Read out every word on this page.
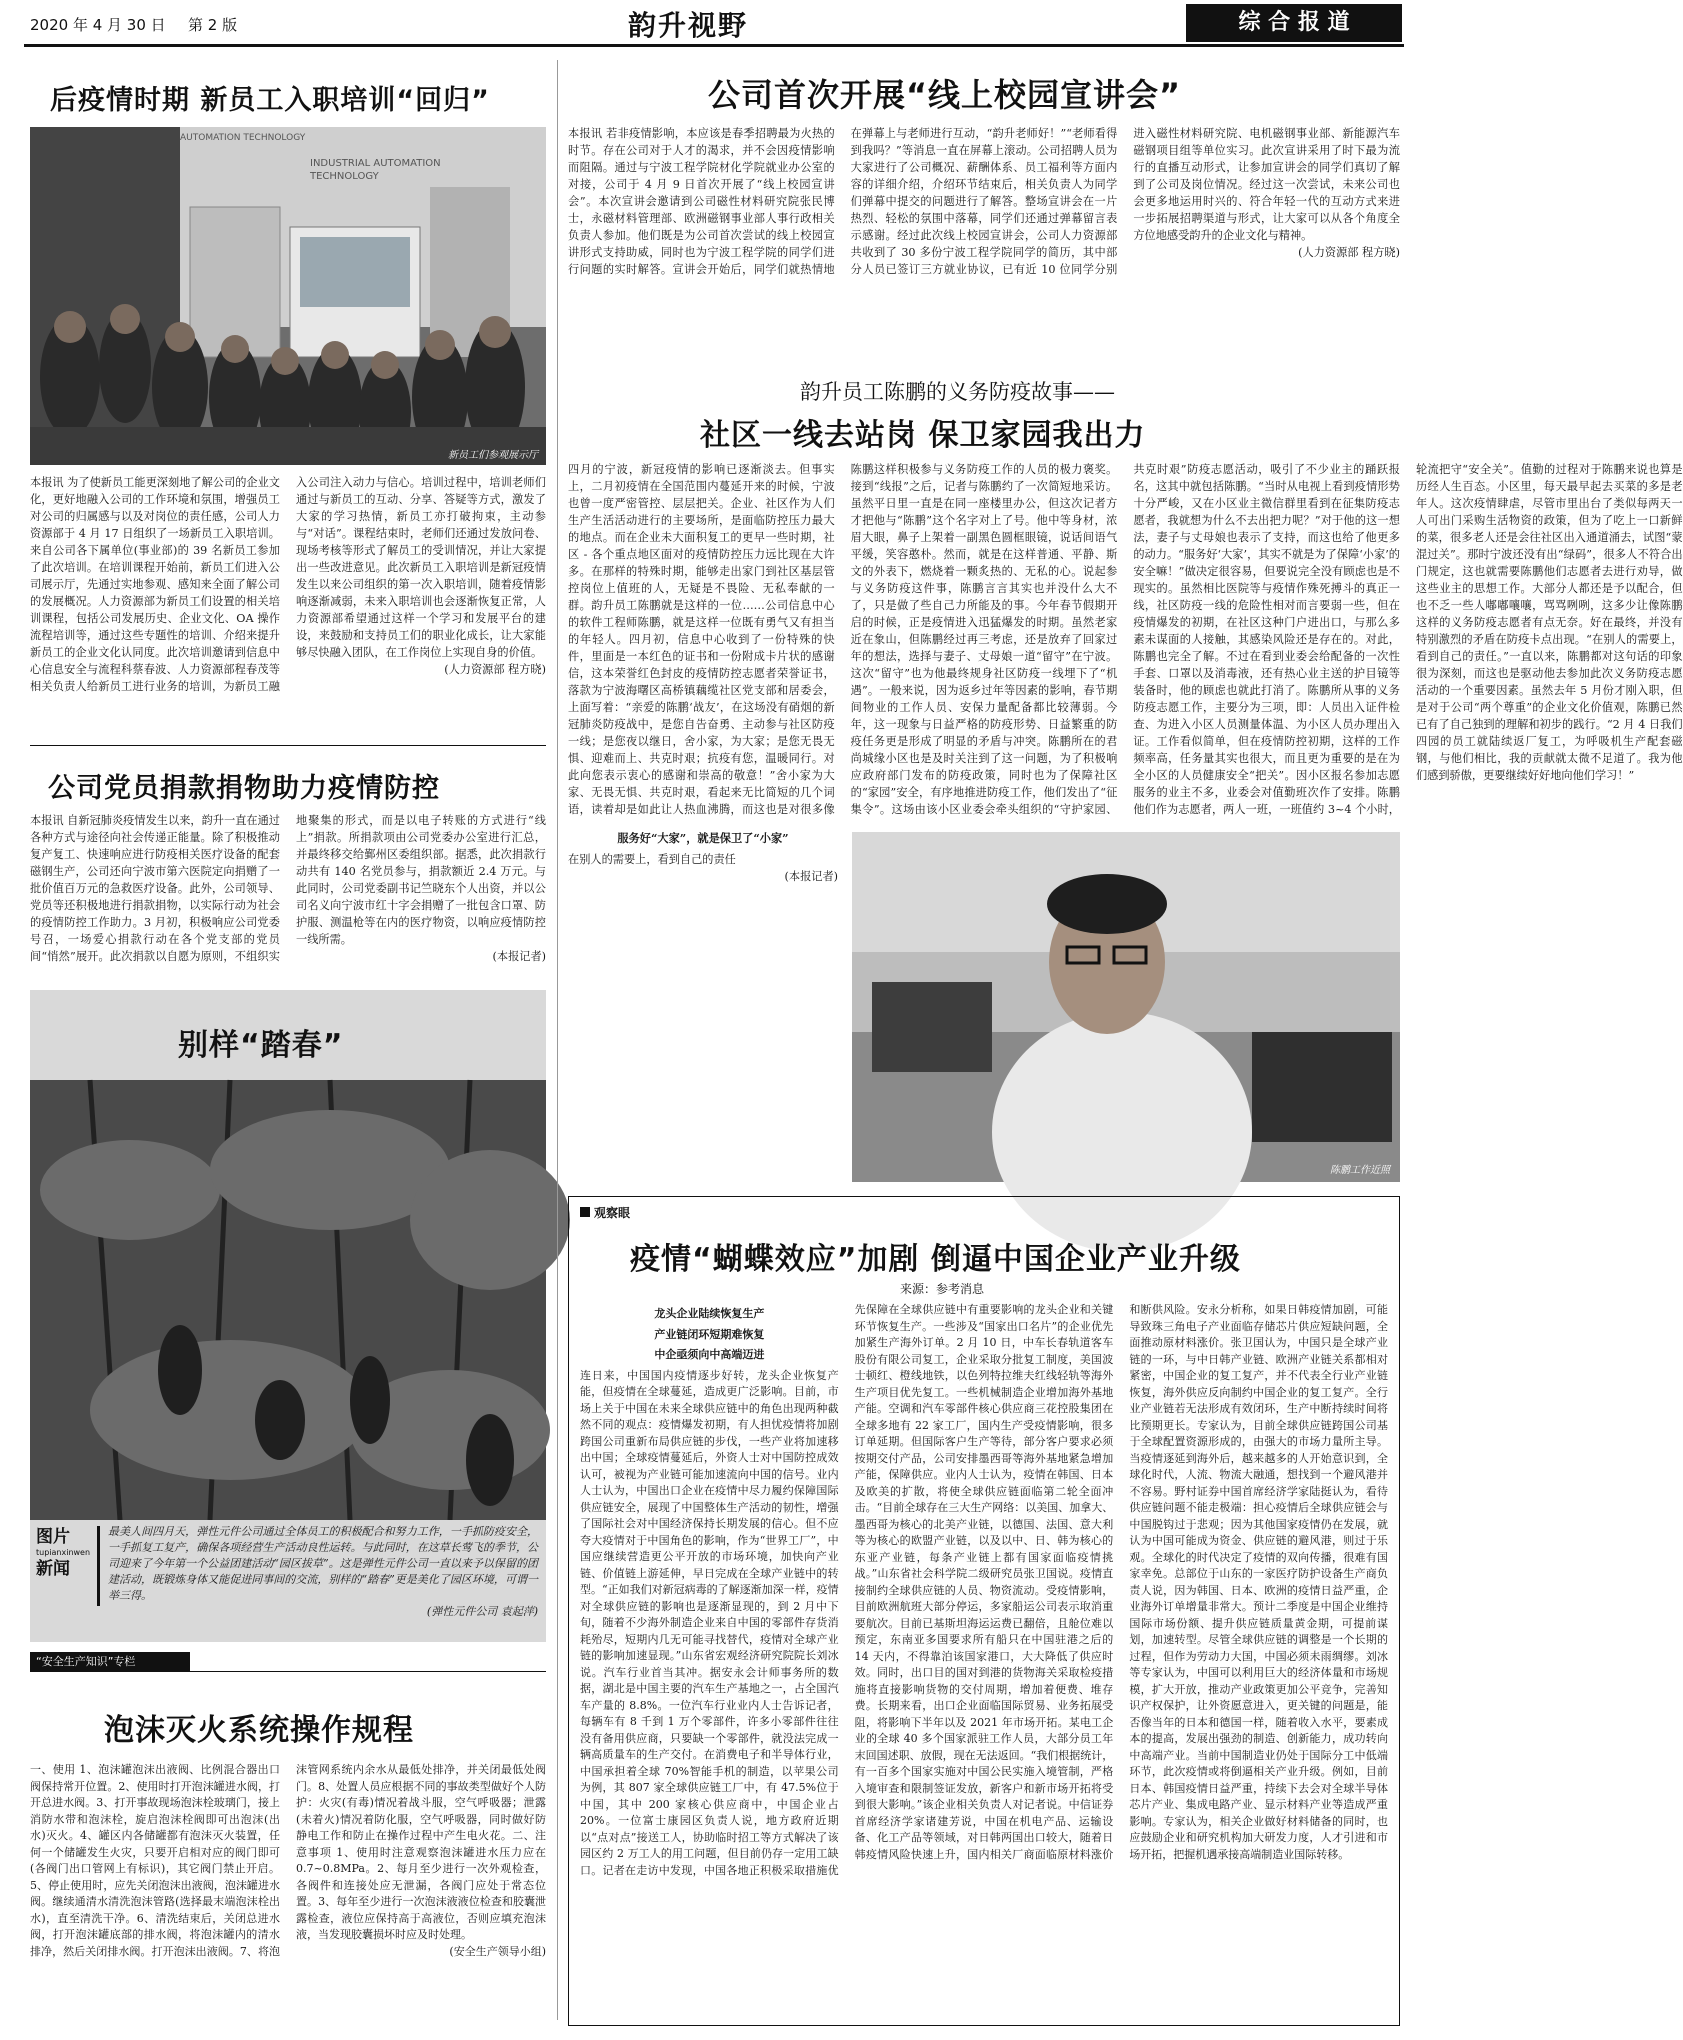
2020 年 4 月 30 日 第 2 版	韵升视野	综 合 报 道
后疫情时期 新员工入职培训“回归”
AUTOMATION TECHNOLOGY
INDUSTRIAL AUTOMATION TECHNOLOGY
新员工们参观展示厅
本报讯 为了使新员工能更深刻地了解公司的企业文化，更好地融入公司的工作环境和氛围，增强员工对公司的归属感与以及对岗位的责任感，公司人力资源部于 4 月 17 日组织了一场新员工入职培训。来自公司各下属单位(事业部)的 39 名新员工参加了此次培训。在培训课程开始前，新员工们进入公司展示厅，先通过实地参观、感知来全面了解公司的发展概况。人力资源部为新员工们设置的相关培训课程，包括公司发展历史、企业文化、OA 操作流程培训等，通过这些专题性的培训、介绍来提升新员工的企业文化认同度。此次培训邀请到信息中心信息安全与流程科蔡春波、人力资源部程春茂等相关负责人给新员工进行业务的培训，为新员工融入公司注入动力与信心。培训过程中，培训老师们通过与新员工的互动、分享、答疑等方式，激发了大家的学习热情，新员工亦打破拘束，主动参与“对话”。课程结束时，老师们还通过发放问卷、现场考核等形式了解员工的受训情况，并让大家提出一些改进意见。此次新员工入职培训是新冠疫情发生以来公司组织的第一次入职培训，随着疫情影响逐渐减弱，未来入职培训也会逐渐恢复正常，人力资源部希望通过这样一个学习和发展平台的建设，来鼓励和支持员工们的职业化成长，让大家能够尽快融入团队，在工作岗位上实现自身的价值。
(人力资源部 程方晓)
公司党员捐款捐物助力疫情防控
本报讯 自新冠肺炎疫情发生以来，韵升一直在通过各种方式与途径向社会传递正能量。除了积极推动复产复工、快速响应进行防疫相关医疗设备的配套磁钢生产，公司还向宁波市第六医院定向捐赠了一批价值百万元的急救医疗设备。此外，公司领导、党员等还积极地进行捐款捐物，以实际行动为社会的疫情防控工作助力。3 月初，积极响应公司党委号召，一场爱心捐款行动在各个党支部的党员间“悄然”展开。此次捐款以自愿为原则，不组织实地聚集的形式，而是以电子转账的方式进行“线上”捐款。所捐款项由公司党委办公室进行汇总，并最终移交给鄞州区委组织部。据悉，此次捐款行动共有 140 名党员参与，捐款额近 2.4 万元。与此同时，公司党委副书记竺晓东个人出资，并以公司名义向宁波市红十字会捐赠了一批包含口罩、防护服、测温枪等在内的医疗物资，以响应疫情防控一线所需。
(本报记者)
别样“踏春”
图片
tupianxinwen
新闻
最美人间四月天，弹性元件公司通过全体员工的积极配合和努力工作，一手抓防疫安全，一手抓复工复产，确保各项经营生产活动良性运转。与此同时，在这草长莺飞的季节，公司迎来了今年第一个公益团建活动“园区拔草”。这是弹性元件公司一直以来予以保留的团建活动，既锻炼身体又能促进同事间的交流，别样的“踏春”更是美化了园区环境，可谓一举三得。
(弹性元件公司 袁起萍)
“安全生产知识”专栏
泡沫灭火系统操作规程
一、使用 1、泡沫罐泡沫出液阀、比例混合器出口阀保持常开位置。2、使用时打开泡沫罐进水阀，打开总进水阀。3、打开事故现场泡沫栓玻璃门，接上消防水带和泡沫栓，旋启泡沫栓阀即可出泡沫(出水)灭火。4、罐区内各储罐都有泡沫灭火装置，任何一个储罐发生火灾，只要开启相对应的阀门即可(各阀门出口管网上有标识)，其它阀门禁止开启。5、停止使用时，应先关闭泡沫出液阀，泡沫罐进水阀。继续通清水清洗泡沫管路(选择最末端泡沫栓出水)，直至清洗干净。6、清洗结束后，关闭总进水阀，打开泡沫罐底部的排水阀，将泡沫罐内的清水排净，然后关闭排水阀。打开泡沫出液阀。7、将泡沫管网系统内余水从最低处排净，并关闭最低处阀门。8、处置人员应根据不同的事故类型做好个人防护：火灾(有毒)情况着战斗服，空气呼吸器；泄露(未着火)情况着防化服，空气呼吸器，同时做好防静电工作和防止在操作过程中产生电火花。二、注意事项 1、使用时注意观察泡沫罐进水压力应在 0.7~0.8MPa。2、每月至少进行一次外观检查，各阀件和连接处应无泄漏，各阀门应处于常态位置。3、每年至少进行一次泡沫液液位检查和胶囊泄露检查，液位应保持高于高液位，否则应填充泡沫液，当发现胶囊损坏时应及时处理。
(安全生产领导小组)
公司首次开展“线上校园宣讲会”
本报讯 若非疫情影响，本应该是春季招聘最为火热的时节。存在公司对于人才的渴求，并不会因疫情影响而阻隔。通过与宁波工程学院材化学院就业办公室的对接，公司于 4 月 9 日首次开展了“线上校园宣讲会”。本次宣讲会邀请到公司磁性材料研究院张民博士，永磁材料管理部、欧洲磁钢事业部人事行政相关负责人参加。他们既是为公司首次尝试的线上校园宣讲形式支持助威，同时也为宁波工程学院的同学们进行问题的实时解答。宣讲会开始后，同学们就热情地在弹幕上与老师进行互动，“韵升老师好！”“老师看得到我吗？”等消息一直在屏幕上滚动。公司招聘人员为大家进行了公司概况、薪酬体系、员工福利等方面内容的详细介绍，介绍环节结束后，相关负责人为同学们弹幕中提交的问题进行了解答。整场宣讲会在一片热烈、轻松的氛围中落幕，同学们还通过弹幕留言表示感谢。经过此次线上校园宣讲会，公司人力资源部共收到了 30 多份宁波工程学院同学的简历，其中部分人员已签订三方就业协议，已有近 10 位同学分别进入磁性材料研究院、电机磁钢事业部、新能源汽车磁钢项目组等单位实习。此次宣讲采用了时下最为流行的直播互动形式，让参加宣讲会的同学们真切了解到了公司及岗位情况。经过这一次尝试，未来公司也会更多地运用时兴的、符合年轻一代的互动方式来进一步拓展招聘渠道与形式，让大家可以从各个角度全方位地感受韵升的企业文化与精神。
(人力资源部 程方晓)
韵升员工陈鹏的义务防疫故事——
社区一线去站岗 保卫家园我出力
四月的宁波，新冠疫情的影响已逐渐淡去。但事实上，二月初疫情在全国范围内蔓延开来的时候，宁波也曾一度严密管控、层层把关。企业、社区作为人们生产生活活动进行的主要场所，是面临防控压力最大的地点。而在企业未大面积复工的更早一些时期，社区 - 各个重点地区面对的疫情防控压力远比现在大许多。在那样的特殊时期，能够走出家门到社区基层管控岗位上值班的人，无疑是不畏险、无私奉献的一群。韵升员工陈鹏就是这样的一位……公司信息中心的软件工程师陈鹏，就是这样一位既有勇气又有担当的年轻人。四月初，信息中心收到了一份特殊的快件，里面是一本红色的证书和一份附成卡片状的感谢信，这本荣誉红色封皮的疫情防控志愿者荣誉证书，落款为宁波海曙区高桥镇藕缆社区党支部和居委会，上面写着：“亲爱的陈鹏‘战友’，在这场没有硝烟的新冠肺炎防疫战中，是您自告奋勇、主动参与社区防疫一线；是您夜以继日，舍小家，为大家；是您无畏无惧、迎难而上、共克时艰；抗疫有您，温暖同行。对此向您表示衷心的感谢和崇高的敬意！”舍小家为大家、无畏无惧、共克时艰，看起来无比简短的几个词语，读着却是如此让人热血沸腾，而这也是对很多像陈鹏这样积极参与义务防疫工作的人员的极力褒奖。接到“线报”之后，记者与陈鹏约了一次简短地采访。虽然平日里一直是在同一座楼里办公，但这次记者方才把他与“陈鹏”这个名字对上了号。他中等身材，浓眉大眼，鼻子上架着一副黑色圆框眼镜，说话间语气平缓，笑容憨朴。然而，就是在这样普通、平静、斯文的外表下，燃烧着一颗炙热的、无私的心。说起参与义务防疫这件事，陈鹏言言其实也并没什么大不了，只是做了些自己力所能及的事。今年春节假期开启的时候，正是疫情进入迅猛爆发的时期。虽然老家近在象山，但陈鹏经过再三考虑，还是放弃了回家过年的想法，选择与妻子、丈母娘一道“留守”在宁波。这次“留守”也为他最终规身社区防疫一线埋下了“机遇”。一般来说，因为返乡过年等因素的影响，春节期间物业的工作人员、安保力量配备都比较薄弱。今年，这一现象与日益严格的防疫形势、日益繁重的防疫任务更是形成了明显的矛盾与冲突。陈鹏所在的君尚城缘小区也是及时关注到了这一问题，为了积极响应政府部门发布的防疫政策，同时也为了保障社区的“家园”安全，有序地推进防疫工作，他们发出了“征集令”。这场由该小区业委会牵头组织的“守护家园、共克时艰”防疫志愿活动，吸引了不少业主的踊跃报名，这其中就包括陈鹏。“当时从电视上看到疫情形势十分严峻，又在小区业主微信群里看到在征集防疫志愿者，我就想为什么不去出把力呢？”对于他的这一想法，妻子与丈母娘也表示了支持，而这也给了他更多的动力。“服务好‘大家’，其实不就是为了保障‘小家’的安全嘛！”做决定很容易，但要说完全没有顾虑也是不现实的。虽然相比医院等与疫情作殊死搏斗的真正一线，社区防疫一线的危险性相对而言要弱一些，但在疫情爆发的初期，在社区这种门户进出口，与那么多素未谋面的人接触，其感染风险还是存在的。对此，陈鹏也完全了解。不过在看到业委会给配备的一次性手套、口罩以及消毒液，还有热心业主送的护目镜等装备时，他的顾虑也就此打消了。陈鹏所从事的义务防疫志愿工作，主要分为三项，即：人员出入证件检查、为进入小区人员测量体温、为小区人员办理出入证。工作看似简单，但在疫情防控初期，这样的工作频率高，任务量其实也很大，而且更为重要的是在为全小区的人员健康安全“把关”。因小区报名参加志愿服务的业主不多，业委会对值勤班次作了安排。陈鹏他们作为志愿者，两人一班，一班值约 3~4 个小时，轮流把守“安全关”。值勤的过程对于陈鹏来说也算是历经人生百态。小区里，每天最早起去买菜的多是老年人。这次疫情肆虐，尽管市里出台了类似每两天一人可出门采购生活物资的政策，但为了吃上一口新鲜的菜，很多老人还是会往社区出入通道涌去，试图“蒙混过关”。那时宁波还没有出“绿码”，很多人不符合出门规定，这也就需要陈鹏他们志愿者去进行劝导，做这些业主的思想工作。大部分人都还是予以配合，但也不乏一些人嘟嘟嚷嚷，骂骂咧咧，这多少让像陈鹏这样的义务防疫志愿者有点无奈。好在最终，并没有特别激烈的矛盾在防疫卡点出现。“在别人的需要上，看到自己的责任。”一直以来，陈鹏都对这句话的印象很为深刻，而这也是驱动他去参加此次义务防疫志愿活动的一个重要因素。虽然去年 5 月份才刚入职，但是对于公司“两个尊重”的企业文化价值观，陈鹏已然已有了自己独到的理解和初步的践行。“2 月 4 日我们四园的员工就陆续返厂复工，为呼吸机生产配套磁钢，与他们相比，我的贡献就太微不足道了。我为他们感到骄傲，更要继续好好地向他们学习！”
服务好“大家”，就是保卫了“小家”
在别人的需要上，看到自己的责任
(本报记者)
陈鹏工作近照
观察眼
疫情“蝴蝶效应”加剧 倒逼中国企业产业升级
来源：参考消息
龙头企业陆续恢复生产
产业链闭环短期难恢复
中企亟须向中高端迈进
连日来，中国国内疫情逐步好转，龙头企业恢复产能，但疫情在全球蔓延，造成更广泛影响。目前，市场上关于中国在未来全球供应链中的角色出现两种截然不同的观点：疫情爆发初期，有人担忧疫情将加剧跨国公司重新布局供应链的步伐，一些产业将加速移出中国；全球疫情蔓延后，外资人士对中国防控成效认可，被视为产业链可能加速流向中国的信号。业内人士认为，中国出口企业在疫情中尽力履约保障国际供应链安全，展现了中国整体生产活动的韧性，增强了国际社会对中国经济保持长期发展的信心。但不应夸大疫情对于中国角色的影响，作为“世界工厂”，中国应继续营造更公平开放的市场环境，加快向产业链、价值链上游延伸，早日完成在全球产业链中的转型。“正如我们对新冠病毒的了解逐渐加深一样，疫情对全球供应链的影响也是逐渐显现的，到 2 月中下旬，随着不少海外制造企业来自中国的零部件存货消耗殆尽，短期内几无可能寻找替代，疫情对全球产业链的影响加速显现。”山东省宏观经济研究院院长刘冰说。汽车行业首当其冲。据安永会计师事务所的数据，湖北是中国主要的汽车生产基地之一，占全国汽车产量的 8.8%。一位汽车行业业内人士告诉记者，每辆车有 8 千到 1 万个零部件，许多小零部件往往没有备用供应商，只要缺一个零部件，就没法完成一辆高质量车的生产交付。在消费电子和半导体行业，中国承担着全球 70%智能手机的制造，以苹果公司为例，其 807 家全球供应链工厂中，有 47.5%位于中国，其中 200 家核心供应商中，中国企业占 20%。一位富士康园区负责人说，地方政府近期以“点对点”接送工人，协助临时招工等方式解决了该园区约 2 万工人的用工问题，但目前仍存一定用工缺口。记者在走访中发现，中国各地正积极采取措施优先保障在全球供应链中有重要影响的龙头企业和关键环节恢复生产。一些涉及“国家出口名片”的企业优先加紧生产海外订单。2 月 10 日，中车长春轨道客车股份有限公司复工，企业采取分批复工制度，美国波士顿红、橙线地铁，以色列特拉维夫红线轻轨等海外生产项目优先复工。一些机械制造企业增加海外基地产能。空调和汽车零部件核心供应商三花控股集团在全球多地有 22 家工厂，国内生产受疫情影响，很多订单延期。但国际客户生产等待，部分客户要求必须按期交付产品，公司安排墨西哥等海外基地紧急增加产能，保障供应。业内人士认为，疫情在韩国、日本及欧美的扩散，将使全球供应链面临第二轮全面冲击。“目前全球存在三大生产网络：以美国、加拿大、墨西哥为核心的北美产业链，以德国、法国、意大利等为核心的欧盟产业链，以及以中、日、韩为核心的东亚产业链，每条产业链上都有国家面临疫情挑战。”山东省社会科学院二级研究员张卫国说。疫情直接制约全球供应链的人员、物资流动。受疫情影响，目前欧洲航班大部分停运，多家船运公司表示取消重要航次。目前已基斯坦海运运费已翻倍，且舱位难以预定，东南亚多国要求所有船只在中国驻港之后的 14 天内，不得靠泊该国家港口，大大降低了供应时效。同时，出口目的国对到港的货物海关采取检疫措施将直接影响货物的交付周期，增加着便费、堆存费。长期来看，出口企业面临国际贸易、业务拓展受阻，将影响下半年以及 2021 年市场开拓。某电工企业的全球 40 多个国家派驻工作人员，大部分员工年末回国述职、放假，现在无法返回。“我们根据统计，有一百多个国家实施对中国公民实施入境管制，严格入境审查和限制签证发放，新客户和新市场开拓将受到很大影响。”该企业相关负责人对记者说。中信证券首席经济学家诸建芳说，中国在机电产品、运输设备、化工产品等领域，对日韩两国出口较大，随着日韩疫情风险快速上升，国内相关厂商面临原材料涨价和断供风险。安永分析称，如果日韩疫情加剧，可能导致珠三角电子产业面临存储芯片供应短缺问题，全面推动原材料涨价。张卫国认为，中国只是全球产业链的一环，与中日韩产业链、欧洲产业链关系都相对紧密，中国企业的复工复产，并不代表全行业产业链恢复，海外供应反向制约中国企业的复工复产。全行业产业链若无法形成有效闭环，生产中断持续时间将比预期更长。专家认为，目前全球供应链跨国公司基于全球配置资源形成的，由强大的市场力量所主导。当疫情逐延到海外后，越来越多的人开始意识到，全球化时代，人流、物流大融通，想找到一个避风港并不容易。野村证券中国首席经济学家陆挺认为，看待供应链问题不能走极端：担心疫情后全球供应链会与中国脱钩过于悲观；因为其他国家疫情仍在发展，就认为中国可能成为资金、供应链的避风港，则过于乐观。全球化的时代决定了疫情的双向传播，很难有国家幸免。总部位于山东的一家医疗防护设备生产商负责人说，因为韩国、日本、欧洲的疫情日益严重，企业海外订单增量非常大。预计二季度是中国企业维持国际市场份额、提升供应链质量黄金期，可提前谋划，加速转型。尽管全球供应链的调整是一个长期的过程，但作为劳动力大国，中国必须未雨绸缪。刘冰等专家认为，中国可以利用巨大的经济体量和市场规模，扩大开放，推动产业政策更加公平竞争，完善知识产权保护，让外资愿意进入，更关键的问题是，能否像当年的日本和德国一样，随着收入水平，要素成本的提高，发展出强劲的制造、创新能力，成功转向中高端产业。当前中国制造业仍处于国际分工中低端环节，此次疫情或将倒逼相关产业升级。例如，目前日本、韩国疫情日益严重，持续下去会对全球半导体芯片产业、集成电路产业、显示材料产业等造成严重影响。专家认为，相关企业做好材料储备的同时，也应鼓励企业和研究机构加大研发力度，人才引进和市场开拓，把握机遇承接高端制造业国际转移。
